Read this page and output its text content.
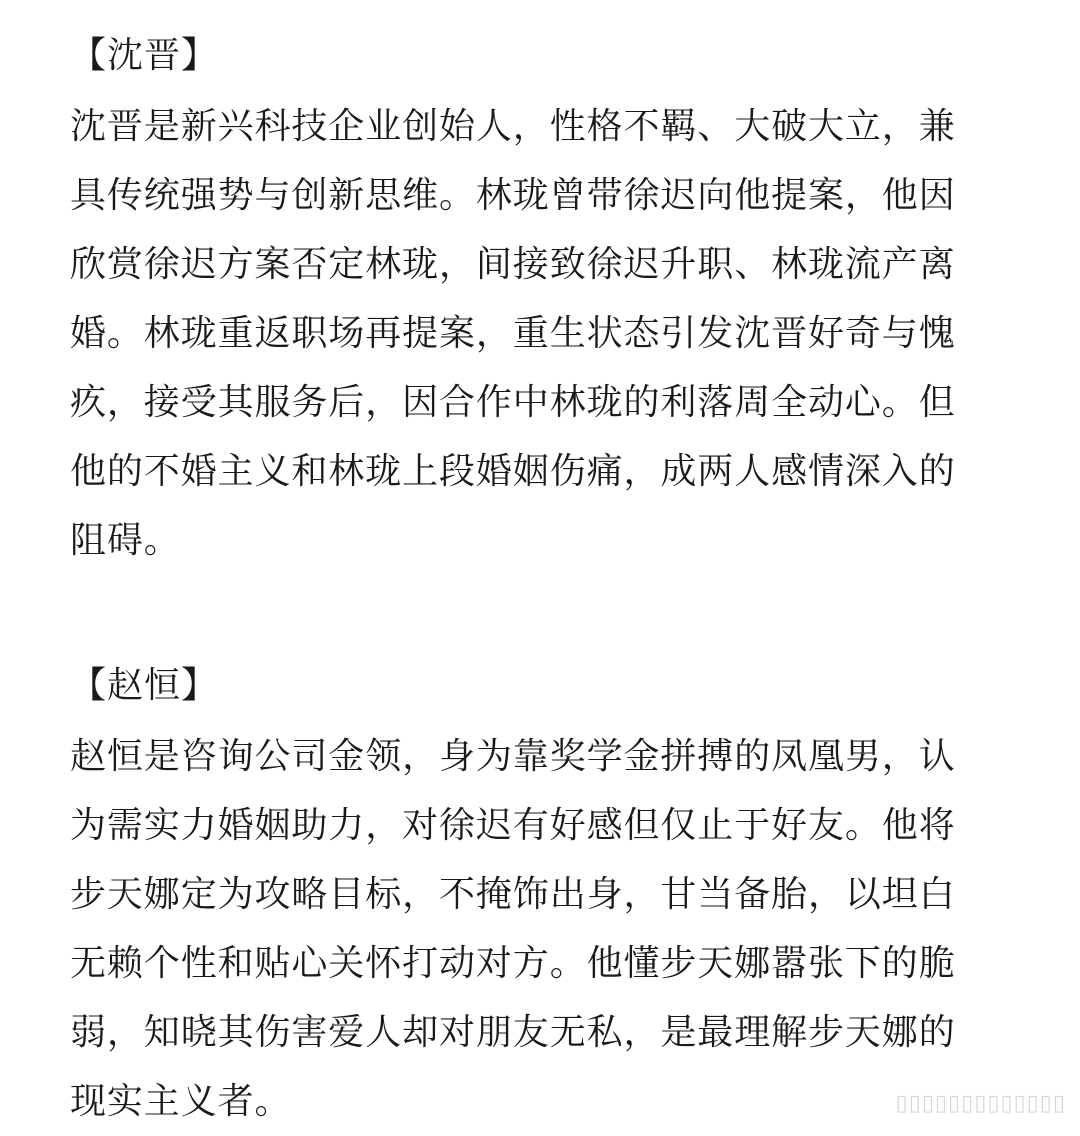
【沈晋】
沈晋是新兴科技企业创始人，性格不羁、大破大立，兼
具传统强势与创新思维。林珑曾带徐迟向他提案，他因
欣赏徐迟方案否定林珑，间接致徐迟升职、林珑流产离
婚。林珑重返职场再提案，重生状态引发沈晋好奇与愧
疚，接受其服务后，因合作中林珑的利落周全动心。但
他的不婚主义和林珑上段婚姻伤痛，成两人感情深入的
阻碍。
【赵恒】
赵恒是咨询公司金领，身为靠奖学金拼搏的凤凰男，认
为需实力婚姻助力，对徐迟有好感但仅止于好友。他将
步天娜定为攻略目标，不掩饰出身，甘当备胎，以坦白
无赖个性和贴心关怀打动对方。他懂步天娜嚣张下的脆
弱，知晓其伤害爱人却对朋友无私，是最理解步天娜的
现实主义者。	▯▯▯▯▯▯▯▯▯▯▯▯▯
